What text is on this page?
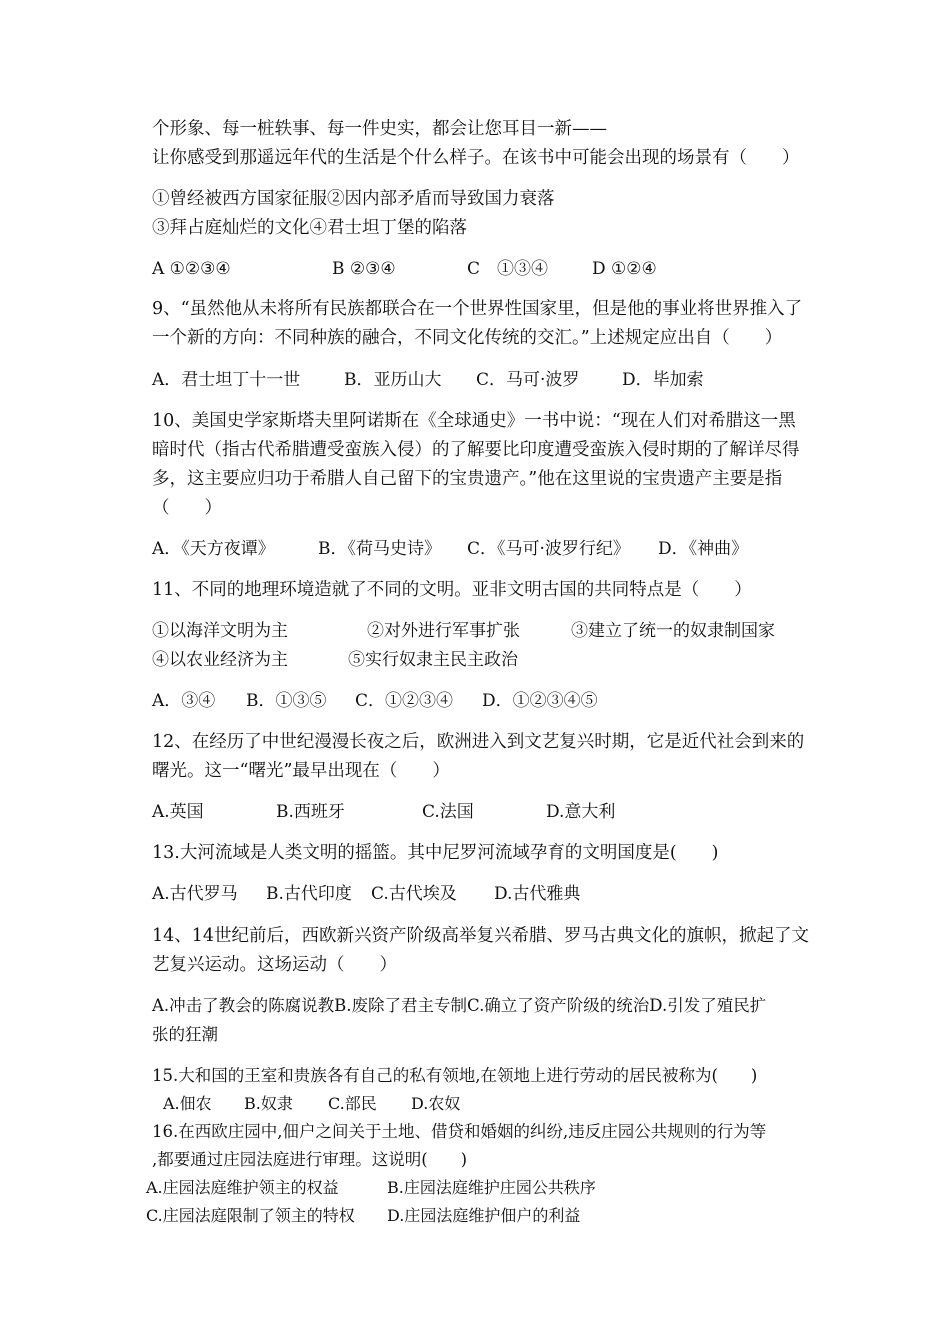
个形象、每一桩轶事、每一件史实，都会让您耳目一新——
让你感受到那遥远年代的生活是个什么样子。在该书中可能会出现的场景有（　　）
①曾经被西方国家征服②因内部矛盾而导致国力衰落
③拜占庭灿烂的文化④君士坦丁堡的陷落
A ①②③④	B ②③④	C　①③④	D ①②④
9、“虽然他从未将所有民族都联合在一个世界性国家里，但是他的事业将世界推入了
一个新的方向：不同种族的融合，不同文化传统的交汇。”上述规定应出自（　　）
A．君士坦丁十一世	B．亚历山大 C．马可·波罗	D．毕加索
10、美国史学家斯塔夫里阿诺斯在《全球通史》一书中说：“现在人们对希腊这一黑
暗时代（指古代希腊遭受蛮族入侵）的了解要比印度遭受蛮族入侵时期的了解详尽得
多，这主要应归功于希腊人自己留下的宝贵遗产。”他在这里说的宝贵遗产主要是指
（　　）
A．《天方夜谭》	B．《荷马史诗》 C．《马可·波罗行纪》 D．《神曲》
11、不同的地理环境造就了不同的文明。亚非文明古国的共同特点是（　　）
①以海洋文明为主	②对外进行军事扩张	③建立了统一的奴隶制国家
④以农业经济为主	⑤实行奴隶主民主政治
A．③④ B．①③⑤ C．①②③④ D．①②③④⑤
12、在经历了中世纪漫漫长夜之后，欧洲进入到文艺复兴时期，它是近代社会到来的
曙光。这一“曙光”最早出现在（　　）
A.英国	B.西班牙	C.法国	D.意大利
13.大河流域是人类文明的摇篮。其中尼罗河流域孕育的文明国度是(　　)
A.古代罗马 B.古代印度 C.古代埃及 D.古代雅典
14、14世纪前后，西欧新兴资产阶级高举复兴希腊、罗马古典文化的旗帜，掀起了文
艺复兴运动。这场运动（　　）
A.冲击了教会的陈腐说教B.废除了君主专制C.确立了资产阶级的统治D.引发了殖民扩
张的狂潮
15.大和国的王室和贵族各有自己的私有领地,在领地上进行劳动的居民被称为(　　)
A.佃农 B.奴隶 C.部民 D.农奴
16.在西欧庄园中,佃户之间关于土地、借贷和婚姻的纠纷,违反庄园公共规则的行为等
,都要通过庄园法庭进行审理。这说明(　　)
A.庄园法庭维护领主的权益	B.庄园法庭维护庄园公共秩序
C.庄园法庭限制了领主的特权 D.庄园法庭维护佃户的利益
